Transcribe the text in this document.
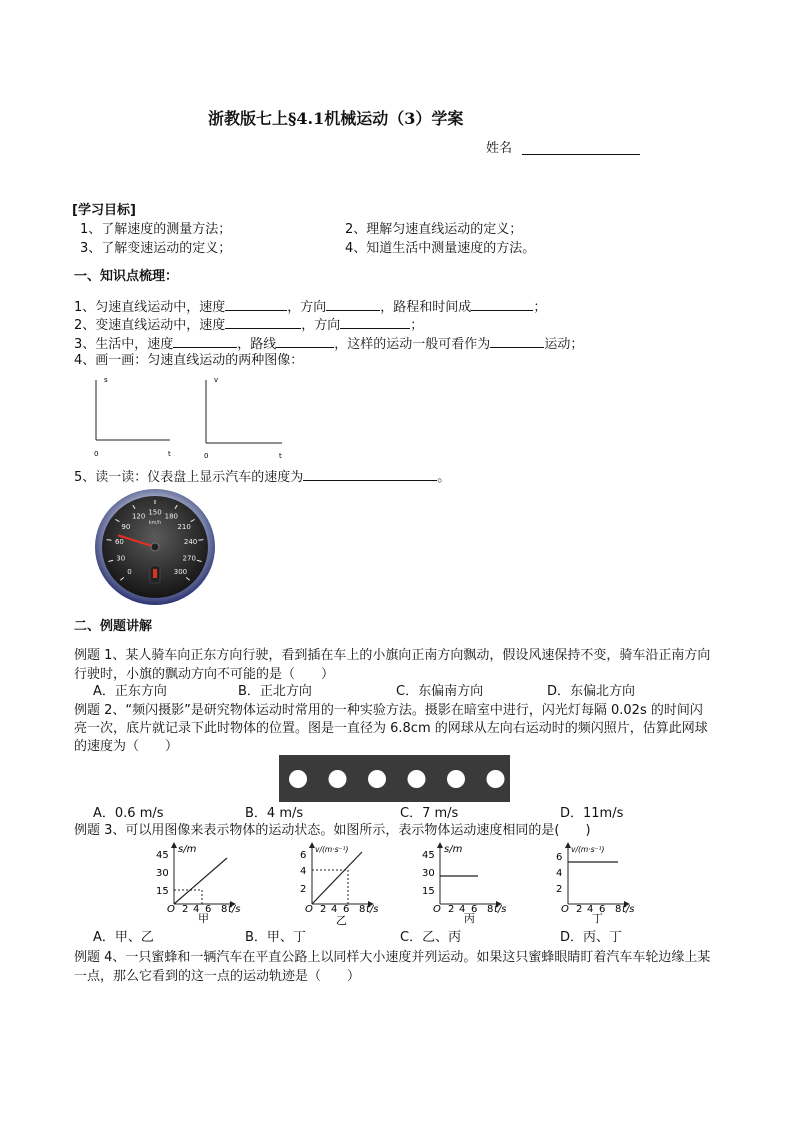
浙教版七上§4.1机械运动（3）学案
姓名
[学习目标]
1、了解速度的测量方法；	2、理解匀速直线运动的定义；
3、了解变速运动的定义；	4、知道生活中测量速度的方法。
一、知识点梳理：
1、匀速直线运动中，速度	，方向	，路程和时间成	；
2、变速直线运动中，速度	，方向	；
3、生活中，速度	，路线	，这样的运动一般可看作为	运动；
4、画一画：匀速直线运动的两种图像：
s
t
0
v
t
0
5、读一读：仪表盘上显示汽车的速度为	。
0
30
60
90
120 150 180
210
240
270
300
km/h
二、例题讲解
例题 1、某人骑车向正东方向行驶，看到插在车上的小旗向正南方向飘动，假设风速保持不变，骑车沿正南方向行驶时，小旗的飘动方向不可能的是（　　）
A．正东方向	B．正北方向	C．东偏南方向	D．东偏北方向
例题 2、“频闪摄影”是研究物体运动时常用的一种实验方法。摄影在暗室中进行，闪光灯每隔 0.02s 的时间闪亮一次，底片就记录下此时物体的位置。图是一直径为 6.8cm 的网球从左向右运动时的频闪照片，估算此网球的速度为（　　）
A．0.6 m/s	B．4 m/s	C．7 m/s	D．11m/s
例题 3、可以用图像来表示物体的运动状态。如图所示，表示物体运动速度相同的是(　　)
s/m
15
30
45
O 2 4 6 8 t/s
甲
v/(m·s⁻¹)
2
4
6
O 2 4 6 8 t/s
乙
s/m
15
30
45
O 2 4 6 8 t/s
丙
v/(m·s⁻¹)
2
4
6
O 2 4 6 8 t/s
丁
A．甲、乙	B．甲、丁	C．乙、丙	D．丙、丁
例题 4、一只蜜蜂和一辆汽车在平直公路上以同样大小速度并列运动。如果这只蜜蜂眼睛盯着汽车车轮边缘上某一点，那么它看到的这一点的运动轨迹是（　　）
